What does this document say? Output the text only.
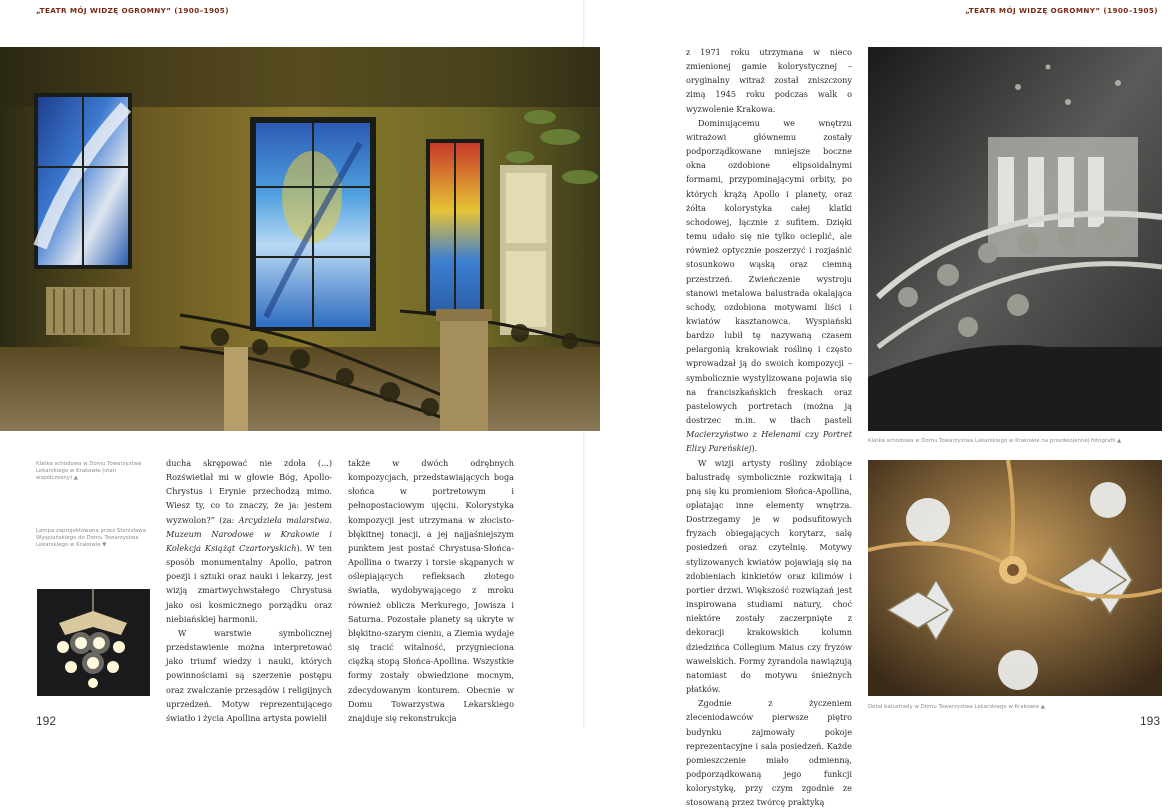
„TEATR MÓJ WIDZĘ OGROMNY” (1900–1905)	„TEATR MÓJ WIDZĘ OGROMNY” (1900–1905)
Klatka schodowa w Domu Towarzystwa Lekarskiego w Krakowie (stan współczesny) ▲
Lampa zaprojektowana przez Stanisława Wyspiańskiego do Domu Towarzystwa Lekarskiego w Krakowie ▼

ducha skrępować nie zdoła (...) Rozświetlał mi w głowie Bóg, Apollo-Chrystus i Erynie przechodzą mimo. Wiesz ty, co to znaczy, że ja: jestem wyzwolon?” (za: Arcydzieła malarstwa. Muzeum Narodowe w Krakowie i Kolekcja Książąt Czartoryskich). W ten sposób monumentalny Apollo, patron poezji i sztuki oraz nauki i lekarzy, jest wizją zmartwychwstałego Chrystusa jako osi kosmicznego porządku oraz niebiańskiej harmonii.

W warstwie symbolicznej przedstawienie można interpretować jako triumf wiedzy i nauki, których powinnościami są szerzenie postępu oraz zwalczanie przesądów i religijnych uprzedzeń. Motyw reprezentującego światło i życia Apollina artysta powielił

także w dwóch odrębnych kompozycjach, przedstawiających boga słońca w portretowym i pełnopostaciowym ujęciu. Kolorystyka kompozycji jest utrzymana w złocisto-błękitnej tonacji, a jej najjaśniejszym punktem jest postać Chrystusa-Słońca-Apollina o twarzy i torsie skąpanych w oślepiających refleksach złotego światła, wydobywającego z mroku również oblicza Merkurego, Jowisza i Saturna. Pozostałe planety są ukryte w błękitno-szarym cieniu, a Ziemia wydaje się tracić witalność, przygnieciona ciężką stopą Słońca-Apollina. Wszystkie formy zostały obwiedzione mocnym, zdecydowanym konturem. Obecnie w Domu Towarzystwa Lekarskiego znajduje się rekonstrukcja

z 1971 roku utrzymana w nieco zmienionej gamie kolorystycznej – oryginalny witraż został zniszczony zimą 1945 roku podczas walk o wyzwolenie Krakowa.

Dominującemu we wnętrzu witrażowi głównemu zostały podporządkowane mniejsze boczne okna ozdobione elipsoidalnymi formami, przypominającymi orbity, po których krążą Apollo i planety, oraz żółta kolorystyka całej klatki schodowej, łącznie z sufitem. Dzięki temu udało się nie tylko ocieplić, ale również optycznie poszerzyć i rozjaśnić stosunkowo wąską oraz ciemną przestrzeń. Zwieńczenie wystroju stanowi metalowa balustrada okalająca schody, ozdobiona motywami liści i kwiatów kasztanowca. Wyspiański bardzo lubił tę nazywaną czasem pelargonią krakowiak roślinę i często wprowadzał ją do swoich kompozycji – symbolicznie wystylizowana pojawia się na franciszkańskich freskach oraz pastelowych portretach (można ją dostrzec m.in. w tłach pasteli Macierzyństwo z Helenami czy Portret Elizy Pareńskiej).

W wizji artysty rośliny zdobiące balustradę symbolicznie rozkwitają i pną się ku promieniom Słońca-Apollina, oplatając inne elementy wnętrza. Dostrzegamy je w podsufitowych fryzach obiegających korytarz, salę posiedzeń oraz czytelnię. Motywy stylizowanych kwiatów pojawiają się na zdobieniach kinkietów oraz kilimów i portier drzwi. Większość rozwiązań jest inspirowana studiami natury, choć niektóre zostały zaczerpnięte z dekoracji krakowskich kolumn dziedzińca Collegium Maius czy fryzów wawelskich. Formy żyrandola nawiązują natomiast do motywu śnieżnych płatków.

Zgodnie z życzeniem zleceniodawców pierwsze piętro budynku zajmowały pokoje reprezentacyjne i sala posiedzeń. Każde pomieszczenie miało odmienną, podporządkowaną jego funkcji kolorystykę, przy czym zgodnie ze stosowaną przez twórcę praktyką

Klatka schodowa w Domu Towarzystwa Lekarskiego w Krakowie na przedwojennej fotografii ▲
Detal balustrady w Domu Towarzystwa Lekarskiego w Krakowie ▲
192	193
